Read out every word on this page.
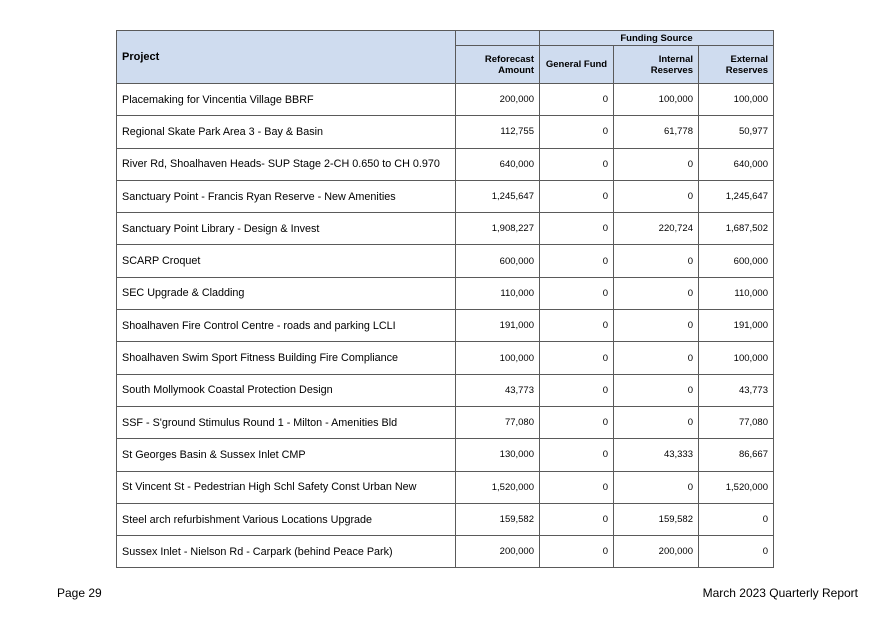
Project		Funding Source		
	Reforecast Amount	General Fund	Internal Reserves	External Reserves
Placemaking for Vincentia Village BBRF	200,000	0	100,000	100,000
Regional Skate Park Area 3 - Bay & Basin	112,755	0	61,778	50,977
River Rd, Shoalhaven Heads- SUP Stage 2-CH 0.650 to CH 0.970	640,000	0	0	640,000
Sanctuary Point - Francis Ryan Reserve - New Amenities	1,245,647	0	0	1,245,647
Sanctuary Point Library - Design & Invest	1,908,227	0	220,724	1,687,502
SCARP Croquet	600,000	0	0	600,000
SEC Upgrade & Cladding	110,000	0	0	110,000
Shoalhaven Fire Control Centre - roads and parking LCLI	191,000	0	0	191,000
Shoalhaven Swim Sport Fitness Building Fire Compliance	100,000	0	0	100,000
South Mollymook Coastal Protection Design	43,773	0	0	43,773
SSF - S'ground Stimulus Round 1 - Milton - Amenities Bld	77,080	0	0	77,080
St Georges Basin & Sussex Inlet CMP	130,000	0	43,333	86,667
St Vincent St - Pedestrian High Schl Safety Const Urban New	1,520,000	0	0	1,520,000
Steel arch refurbishment Various Locations Upgrade	159,582	0	159,582	0
Sussex Inlet - Nielson Rd - Carpark (behind Peace Park)	200,000	0	200,000	0
Page 29	March 2023 Quarterly Report
